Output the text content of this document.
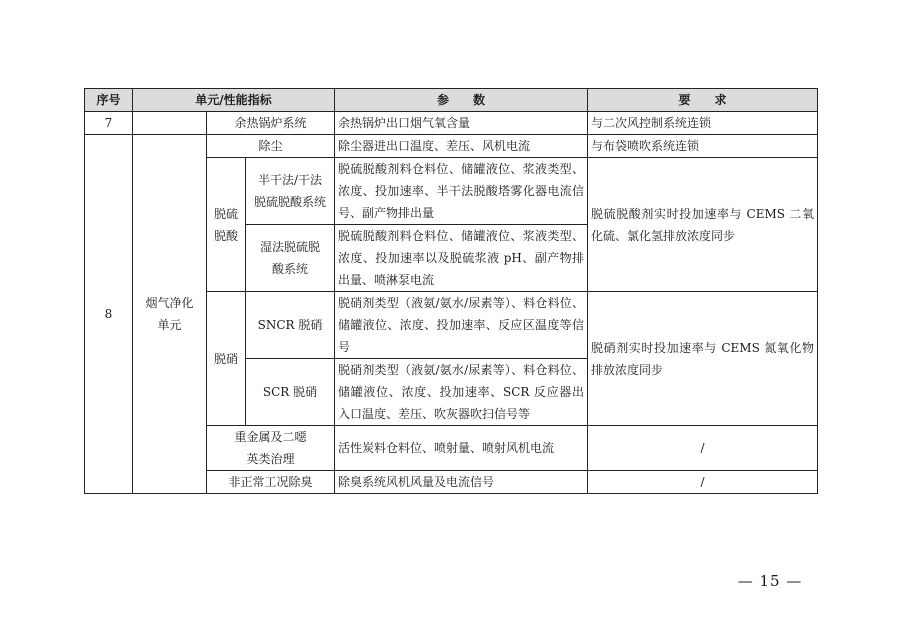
序号	单元/性能指标			参　　数	要　　求
7		余热锅炉系统		余热锅炉出口烟气氧含量	与二次风控制系统连锁
8	烟气净化单元	除尘		除尘器进出口温度、差压、风机电流	与布袋喷吹系统连锁
		脱硫脱酸	半干法/干法脱硫脱酸系统	脱硫脱酸剂料仓料位、储罐液位、浆液类型、浓度、投加速率、半干法脱酸塔雾化器电流信号、副产物排出量	脱硫脱酸剂实时投加速率与 CEMS 二氧化硫、氯化氢排放浓度同步
			湿法脱硫脱酸系统	脱硫脱酸剂料仓料位、储罐液位、浆液类型、浓度、投加速率以及脱硫浆液 pH、副产物排出量、喷淋泵电流	
		脱硝	SNCR 脱硝	脱硝剂类型（液氨/氨水/尿素等）、料仓料位、储罐液位、浓度、投加速率、反应区温度等信号	脱硝剂实时投加速率与 CEMS 氮氧化物排放浓度同步
			SCR 脱硝	脱硝剂类型（液氨/氨水/尿素等）、料仓料位、储罐液位、浓度、投加速率、SCR 反应器出入口温度、差压、吹灰器吹扫信号等	
		重金属及二噁英类治理		活性炭料仓料位、喷射量、喷射风机电流	/
		非正常工况除臭		除臭系统风机风量及电流信号	/
— 15 —
